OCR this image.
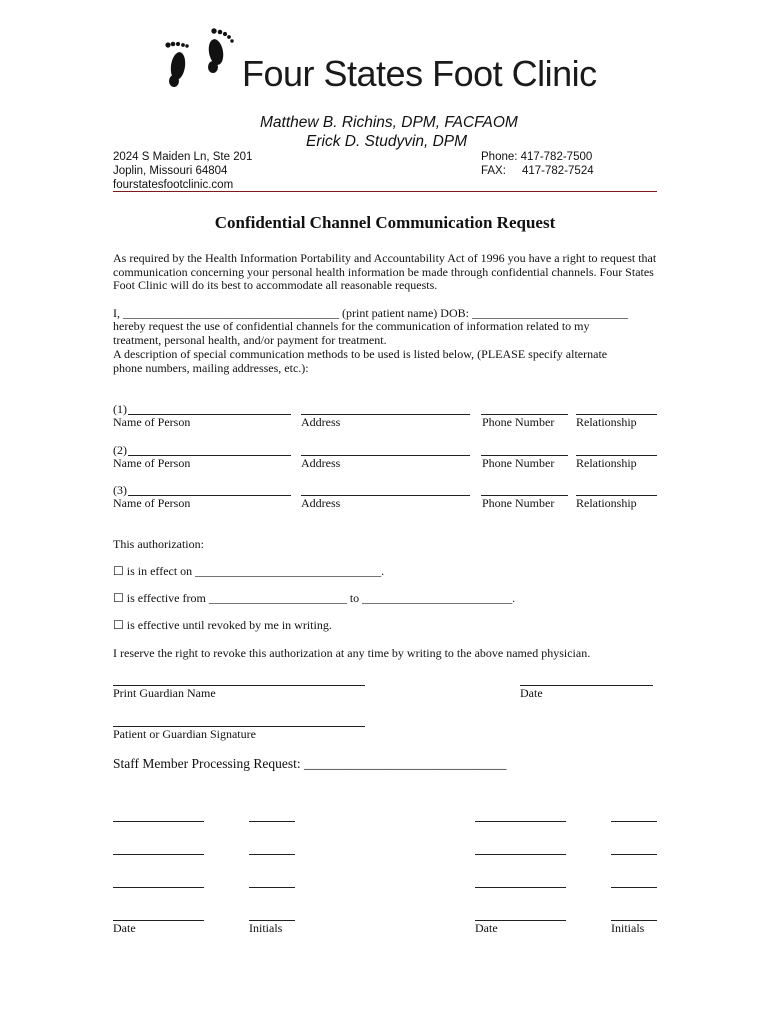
Four States Foot Clinic
Matthew B. Richins, DPM, FACFAOM
Erick D. Studyvin, DPM
2024 S Maiden Ln, Ste 201
Joplin, Missouri 64804
fourstatesfootclinic.com
Phone: 417-782-7500
FAX: 417-782-7524
Confidential Channel Communication Request
As required by the Health Information Portability and Accountability Act of 1996 you have a right to request that communication concerning your personal health information be made through confidential channels. Four States Foot Clinic will do its best to accommodate all reasonable requests.
I, ____________________________________ (print patient name) DOB: __________________________
hereby request the use of confidential channels for the communication of information related to my
treatment, personal health, and/or payment for treatment.
A description of special communication methods to be used is listed below, (PLEASE specify alternate
phone numbers, mailing addresses, etc.):
(1)
Name of Person	Address	Phone Number Relationship
(2)
Name of Person	Address	Phone Number Relationship
(3)
Name of Person	Address	Phone Number Relationship
This authorization:
☐ is in effect on _______________________________.
☐ is effective from _______________________ to _________________________.
☐ is effective until revoked by me in writing.
I reserve the right to revoke this authorization at any time by writing to the above named physician.
Print Guardian Name	Date
Patient or Guardian Signature
Staff Member Processing Request: ______________________________
Date	Initials	Date	Initials
